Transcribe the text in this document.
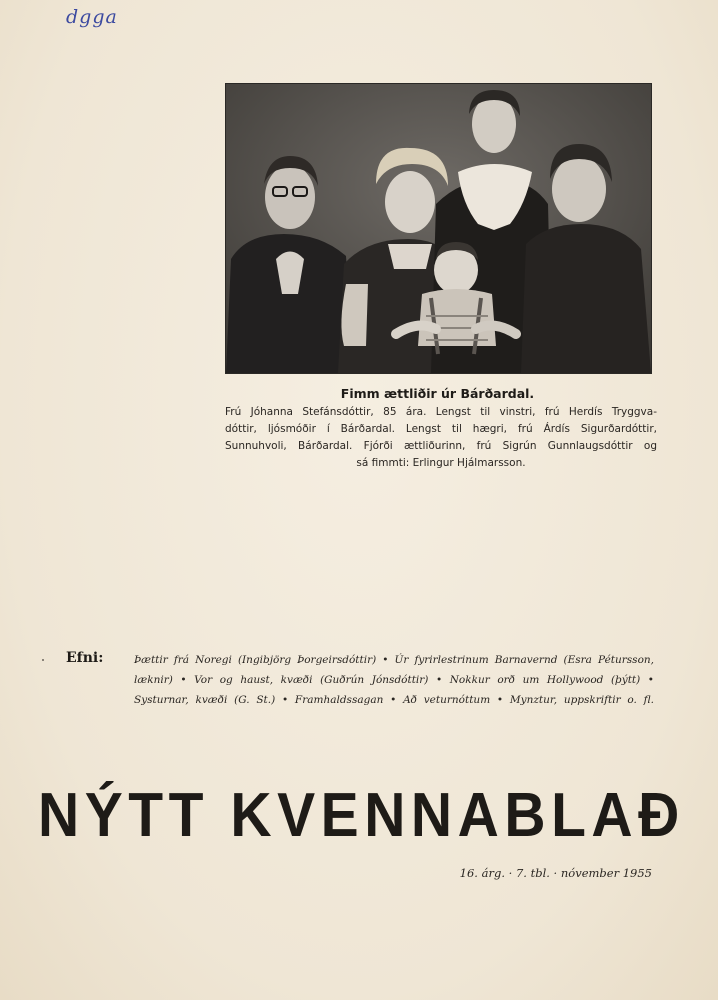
dgga
Fimm ættliðir úr Bárðardal.
Frú Jóhanna Stefánsdóttir, 85 ára. Lengst til vinstri, frú Herdís Tryggva-
dóttir, ljósmóðir í Bárðardal. Lengst til hægri, frú Árdís Sigurðardóttir,
Sunnuhvoli, Bárðardal. Fjórði ættliðurinn, frú Sigrún Gunnlaugsdóttir og
sá fimmti: Erlingur Hjálmarsson.
Efni:	Þættir frá Noregi (Ingibjörg Þorgeirsdóttir) • Úr fyrirlestrinum Barnavernd (Esra Pétursson,
læknir) • Vor og haust, kvæði (Guðrún Jónsdóttir) • Nokkur orð um Hollywood (þýtt) •
Systurnar, kvæði (G. St.) • Framhaldssagan • Að veturnóttum • Mynztur, uppskriftir o. fl.
NÝTT KVENNABLAÐ
16. árg. · 7. tbl. · nóvember 1955
